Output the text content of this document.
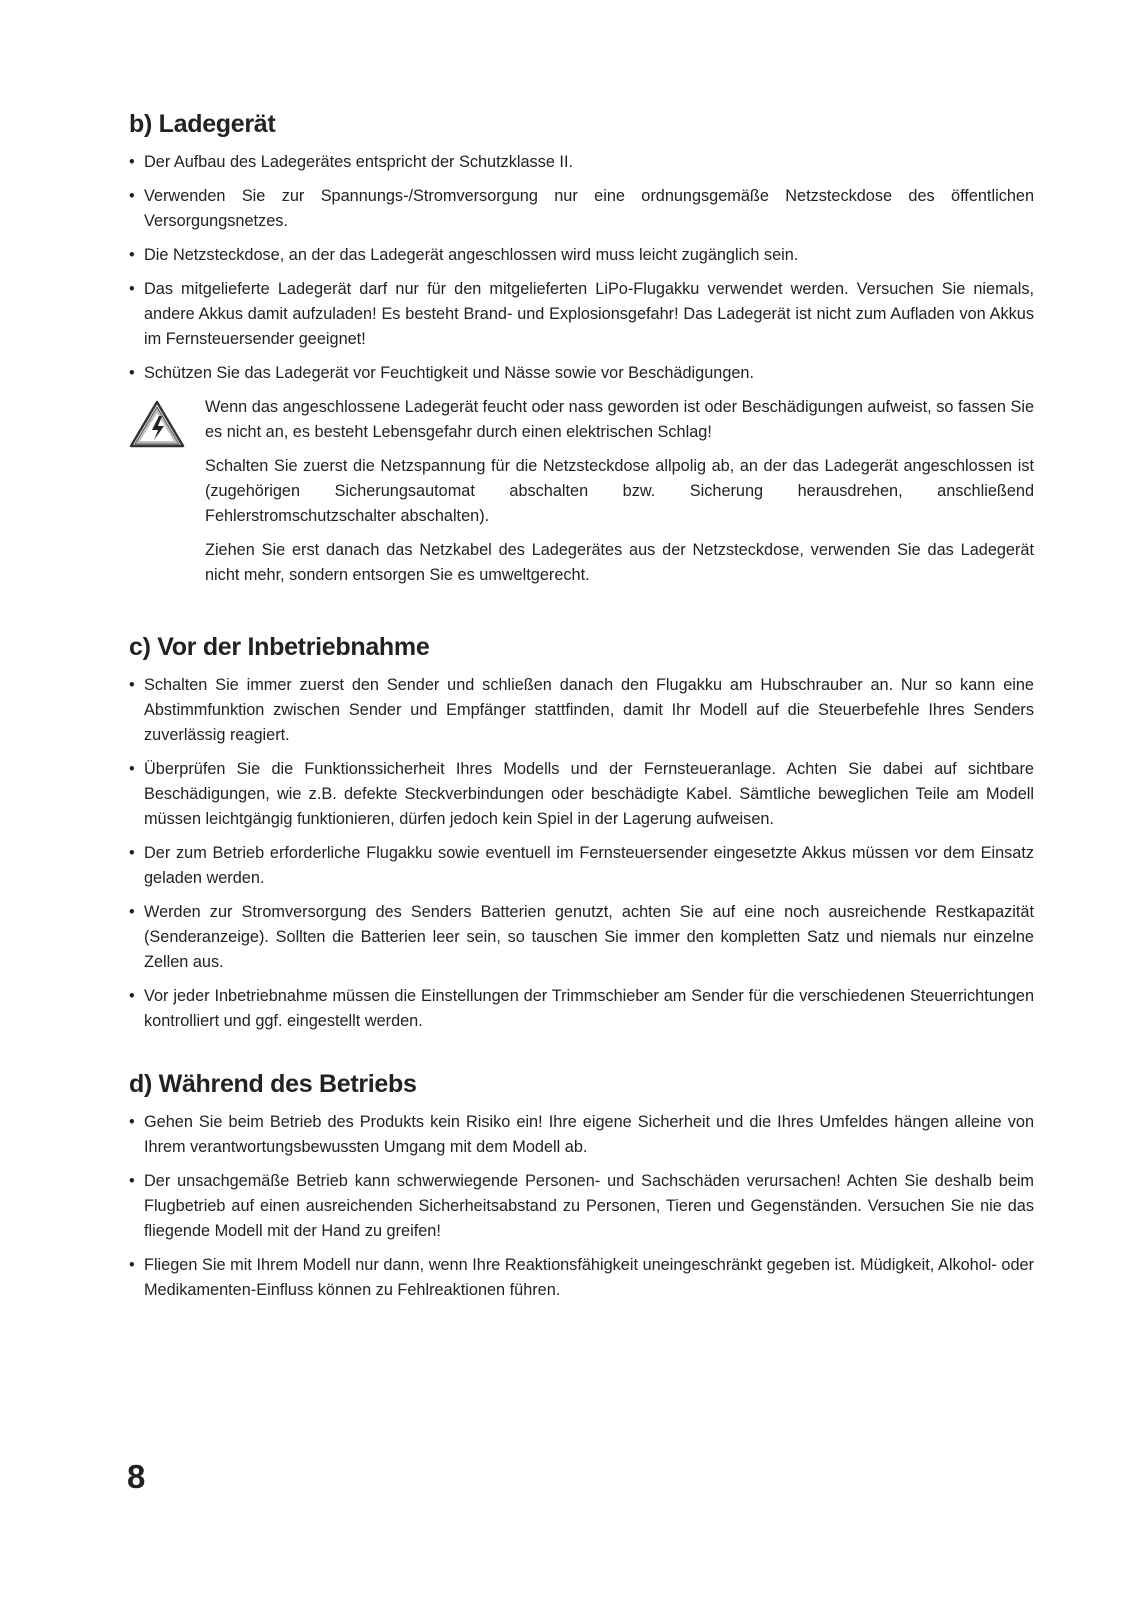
b) Ladegerät
• Der Aufbau des Ladegerätes entspricht der Schutzklasse II.
• Verwenden Sie zur Spannungs-/Stromversorgung nur eine ordnungsgemäße Netzsteckdose des öffentlichen Versorgungsnetzes.
• Die Netzsteckdose, an der das Ladegerät angeschlossen wird muss leicht zugänglich sein.
• Das mitgelieferte Ladegerät darf nur für den mitgelieferten LiPo-Flugakku verwendet werden. Versuchen Sie niemals, andere Akkus damit aufzuladen! Es besteht Brand- und Explosionsgefahr! Das Ladegerät ist nicht zum Aufladen von Akkus im Fernsteuersender geeignet!
• Schützen Sie das Ladegerät vor Feuchtigkeit und Nässe sowie vor Beschädigungen.

Wenn das angeschlossene Ladegerät feucht oder nass geworden ist oder Beschädigungen aufweist, so fassen Sie es nicht an, es besteht Lebensgefahr durch einen elektrischen Schlag!

Schalten Sie zuerst die Netzspannung für die Netzsteckdose allpolig ab, an der das Ladegerät angeschlossen ist (zugehörigen Sicherungsautomat abschalten bzw. Sicherung herausdrehen, anschließend Fehlerstromschutzschalter abschalten).

Ziehen Sie erst danach das Netzkabel des Ladegerätes aus der Netzsteckdose, verwenden Sie das Ladegerät nicht mehr, sondern entsorgen Sie es umweltgerecht.

c) Vor der Inbetriebnahme
• Schalten Sie immer zuerst den Sender und schließen danach den Flugakku am Hubschrauber an. Nur so kann eine Abstimmfunktion zwischen Sender und Empfänger stattfinden, damit Ihr Modell auf die Steuerbefehle Ihres Senders zuverlässig reagiert.
• Überprüfen Sie die Funktionssicherheit Ihres Modells und der Fernsteueranlage. Achten Sie dabei auf sichtbare Beschädigungen, wie z.B. defekte Steckverbindungen oder beschädigte Kabel. Sämtliche beweglichen Teile am Modell müssen leichtgängig funktionieren, dürfen jedoch kein Spiel in der Lagerung aufweisen.
• Der zum Betrieb erforderliche Flugakku sowie eventuell im Fernsteuersender eingesetzte Akkus müssen vor dem Einsatz geladen werden.
• Werden zur Stromversorgung des Senders Batterien genutzt, achten Sie auf eine noch ausreichende Restkapazität (Senderanzeige). Sollten die Batterien leer sein, so tauschen Sie immer den kompletten Satz und niemals nur einzelne Zellen aus.
• Vor jeder Inbetriebnahme müssen die Einstellungen der Trimmschieber am Sender für die verschiedenen Steuerrichtungen kontrolliert und ggf. eingestellt werden.
d) Während des Betriebs
• Gehen Sie beim Betrieb des Produkts kein Risiko ein! Ihre eigene Sicherheit und die Ihres Umfeldes hängen alleine von Ihrem verantwortungsbewussten Umgang mit dem Modell ab.
• Der unsachgemäße Betrieb kann schwerwiegende Personen- und Sachschäden verursachen! Achten Sie deshalb beim Flugbetrieb auf einen ausreichenden Sicherheitsabstand zu Personen, Tieren und Gegenständen. Versuchen Sie nie das fliegende Modell mit der Hand zu greifen!
• Fliegen Sie mit Ihrem Modell nur dann, wenn Ihre Reaktionsfähigkeit uneingeschränkt gegeben ist. Müdigkeit, Alkohol- oder Medikamenten-Einfluss können zu Fehlreaktionen führen.
8
